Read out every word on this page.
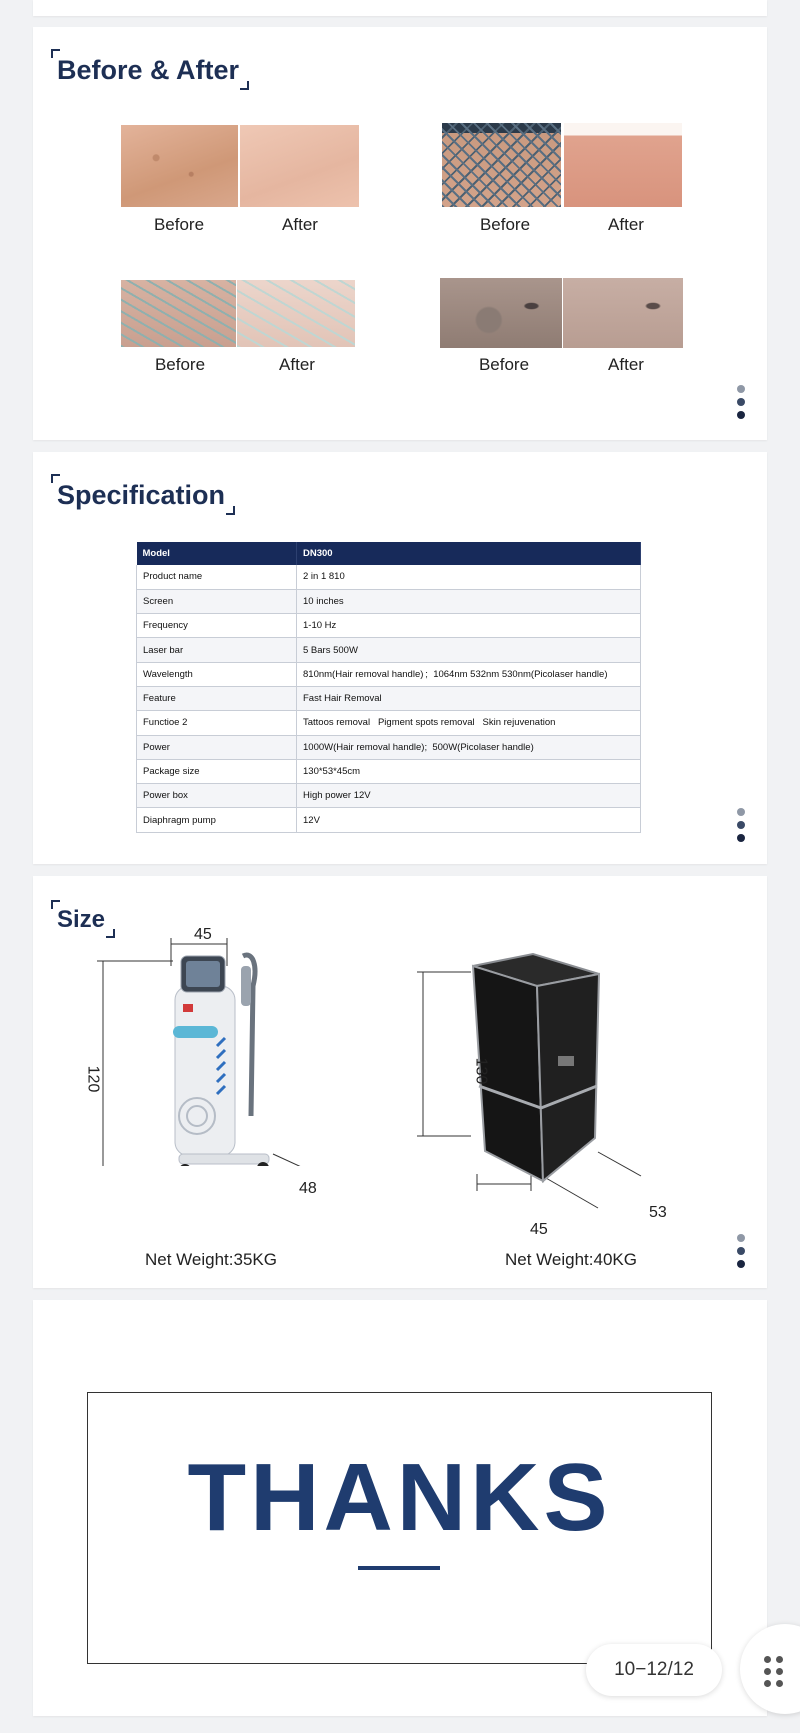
Before & After
Before	After	Before	After
Before	After	Before	After
Specification
Model	DN300
Product name	2 in 1 810
Screen	10 inches
Frequency	1-10 Hz
Laser bar	5 Bars 500W
Wavelength	810nm(Hair removal handle) ;  1064nm 532nm 530nm(Picolaser handle)
Feature	Fast Hair Removal
Functioe 2	Tattoos removal   Pigment spots removal   Skin rejuvenation
Power	1000W(Hair removal handle);  500W(Picolaser handle)
Package size	130*53*45cm
Power box	High power 12V
Diaphragm pump	12V
Size
45
120
48
Net Weight:35KG
130
45
53
Net Weight:40KG
THANKS
10−12/12
